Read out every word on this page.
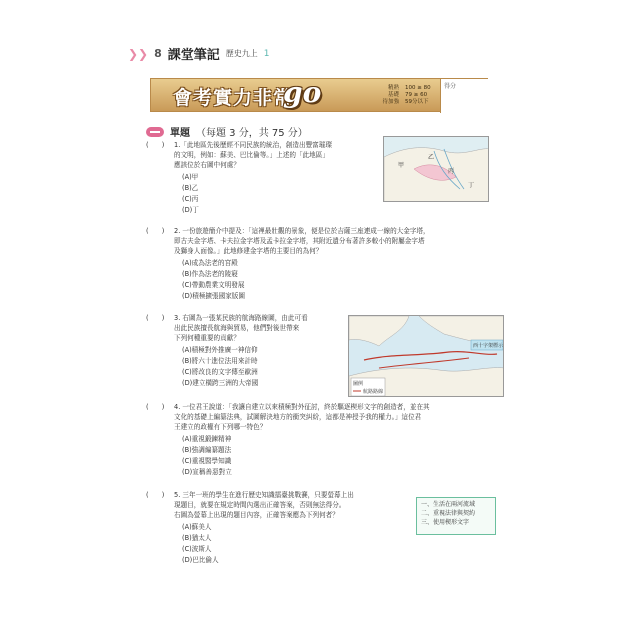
❯❯ 8 課堂筆記 歷史九上 1
會考實力非常
go	精熟 100 ≥ 80
基礎 79 ≥ 60
待加強 59分以下
得分
單題 （每題 3 分，共 75 分）
(　　) 1.「此地區先後歷經不同民族的統治，創造出豐富璀璨
的文明，例如：蘇美、巴比倫等。」上述的「此地區」
應該位於右圖中何處？
(A)甲
(B)乙
(C)丙
(D)丁
甲
乙
丙
丁
(　　) 2. 一份旅遊簡介中提及：「這裡最壯觀的景象，便是位於吉薩三座連成一線的大金字塔，
即古夫金字塔、卡夫拉金字塔及孟卡拉金字塔，其附近遺分布著許多較小的附屬金字塔
及獅身人面像。」此地修建金字塔的主要目的為何？
(A)成為法老的宮殿
(B)作為法老的陵寢
(C)帶動農業文明發展
(D)積極擴張國家版圖
(　　) 3. 右圖為一張某民族的航海路線圖，由此可看
出此民族擅長航海與貿易，他們對後世帶來
下列何種重要的貢獻？
(A)積極對外推廣一神信仰
(B)將六十進位法用來計時
(C)將改良的文字傳至歐洲
(D)建立橫跨三洲的大帝國
西十字架標示
圖例
航路路線
(　　) 4. 一位君王說道：「我讓自建立以來積極對外征討，終於驅逐楔形文字的創造者，並在其
文化的基礎上編纂法典，試圖解決地方的衝突糾紛，這都是神授予我的權力。」這位君
王建立的政權有下列哪一特色？
(A)重視鍛鍊精神
(B)強調編纂題法
(C)重視醫學知識
(D)宣稱善惡對立
(　　) 5. 三年一班的學生在進行歷史知識擂臺挑戰賽，只要螢幕上出
現題目，就要在規定時間內選出正確答案，否則無法得分。
右圖為螢幕上出現的題目內容，正確答案應為下列何者？
(A)蘇美人
(B)猶太人
(C)波斯人
(D)巴比倫人
一、生活在兩河流域
二、重視法律與契約
三、使用楔形文字
